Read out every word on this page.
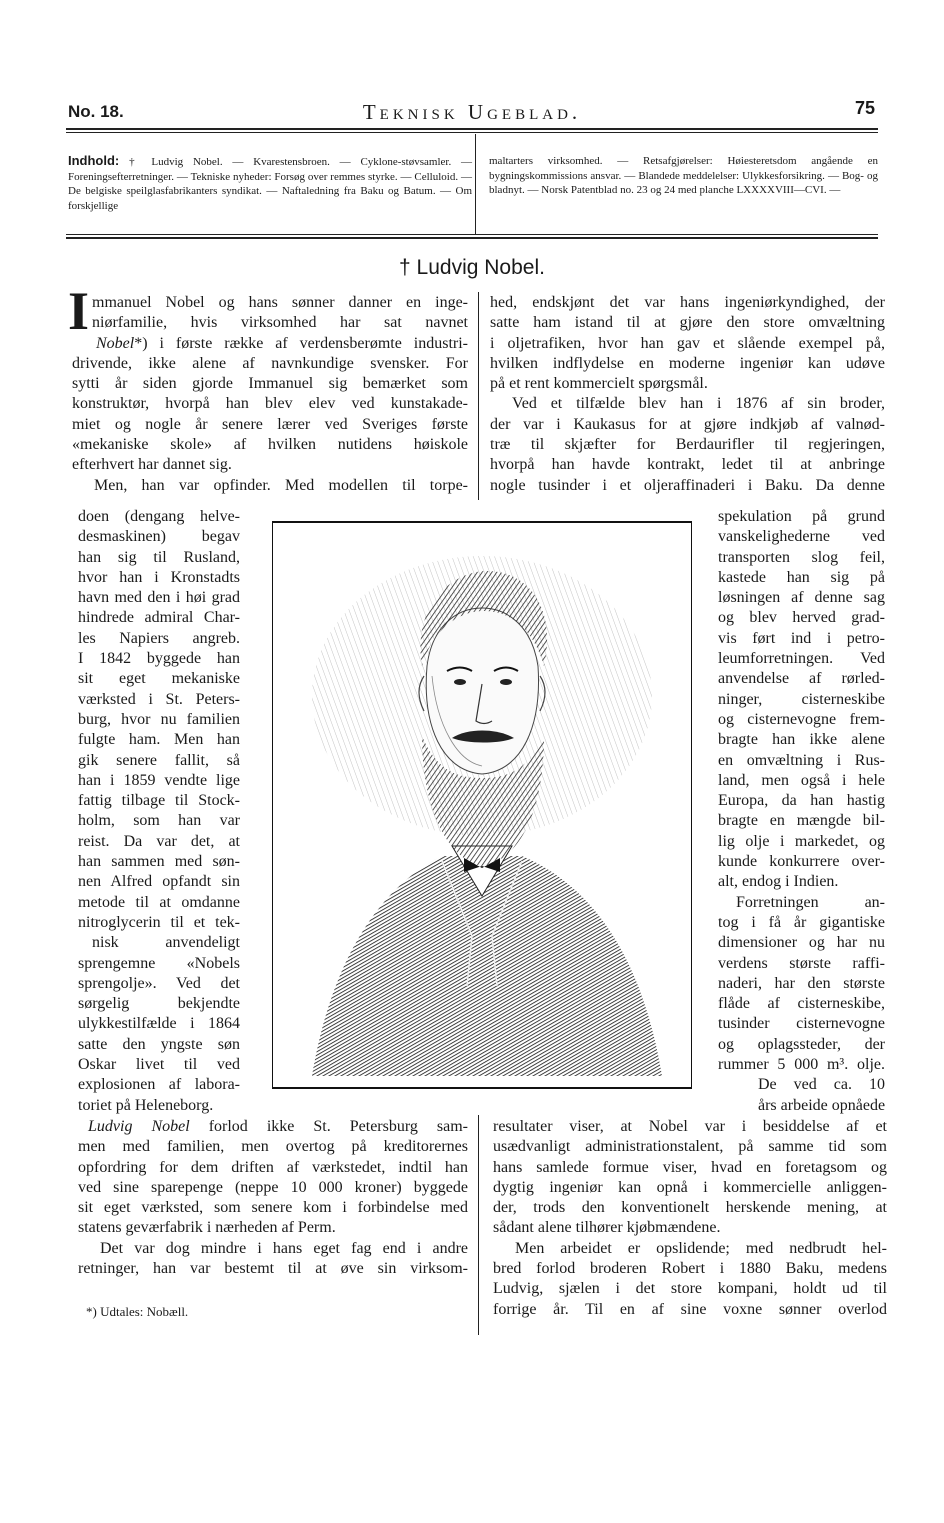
No. 18.	Teknisk Ugeblad.	75
Indhold: † Ludvig Nobel. — Kvarestensbroen. — Cyklone-støvsamler. — Foreningsefterretninger. — Tekniske nyheder: Forsøg over remmes styrke. — Celluloid. — De belgiske speilglasfabrikanters syndikat. — Naftaledning fra Baku og Batum. — Om forskjellige
maltarters virksomhed. — Retsafgjørelser: Høiesteretsdom angående en bygningskommissions ansvar. — Blandede meddelelser: Ulykkesforsikring. — Bog- og bladnyt. — Norsk Patentblad no. 23 og 24 med planche LXXXXVIII—CVI. —
† Ludvig Nobel.
I mmanuel Nobel og hans sønner danner en inge-
niørfamilie, hvis virksomhed har sat navnet
Nobel*) i første række af verdensberømte industri-
drivende, ikke alene af navnkundige svensker. For
sytti år siden gjorde Immanuel sig bemærket som
konstruktør, hvorpå han blev elev ved kunstakade-
miet og nogle år senere lærer ved Sveriges første
«mekaniske skole» af hvilken nutidens høiskole
efterhvert har dannet sig.
Men, han var opfinder. Med modellen til torpe-
doen (dengang helve-
desmaskinen) begav
han sig til Rusland,
hvor han i Kronstadts
havn med den i høi grad
hindrede admiral Char-
les Napiers angreb.
I 1842 byggede han
sit eget mekaniske
værksted i St. Peters-
burg, hvor nu familien
fulgte ham. Men han
gik senere fallit, så
han i 1859 vendte lige
fattig tilbage til Stock-
holm, som han var
reist. Da var det, at
han sammen med søn-
nen Alfred opfandt sin
metode til at omdanne
nitroglycerin til et tek-
nisk anvendeligt
sprengemne «Nobels
sprengolje». Ved det
sørgelig bekjendte
ulykkestilfælde i 1864
satte den yngste søn
Oskar livet til ved
explosionen af labora-
toriet på Heleneborg.
hed, endskjønt det var hans ingeniørkyndighed, der
satte ham istand til at gjøre den store omvæltning
i oljetrafiken, hvor han gav et slående exempel på,
hvilken indflydelse en moderne ingeniør kan udøve
på et rent kommercielt spørgsmål.
Ved et tilfælde blev han i 1876 af sin broder,
der var i Kaukasus for at gjøre indkjøb af valnød-
træ til skjæfter for Berdaurifler til regjeringen,
hvorpå han havde kontrakt, ledet til at anbringe
nogle tusinder i et oljeraffinaderi i Baku. Da denne
spekulation på grund
vanskelighederne ved
transporten slog feil,
kastede han sig på
løsningen af denne sag
og blev herved grad-
vis ført ind i petro-
leumforretningen. Ved
anvendelse af rørled-
ninger, cisterneskibe
og cisternevogne frem-
bragte han ikke alene
en omvæltning i Rus-
land, men også i hele
Europa, da han hastig
bragte en mængde bil-
lig olje i markedet, og
kunde konkurrere over-
alt, endog i Indien.
Forretningen an-
tog i få år gigantiske
dimensioner og har nu
verdens største raffi-
naderi, har den største
flåde af cisterneskibe,
tusinder cisternevogne
og oplagssteder, der
rummer 5 000 m³. olje.
De ved ca. 10
års arbeide opnåede
Ludvig Nobel forlod ikke St. Petersburg sam-
men med familien, men overtog på kreditorernes
opfordring for dem driften af værkstedet, indtil han
ved sine sparepenge (neppe 10 000 kroner) byggede
sit eget værksted, som senere kom i forbindelse med
statens geværfabrik i nærheden af Perm.
Det var dog mindre i hans eget fag end i andre
retninger, han var bestemt til at øve sin virksom-
resultater viser, at Nobel var i besiddelse af et
usædvanligt administrationstalent, på samme tid som
hans samlede formue viser, hvad en foretagsom og
dygtig ingeniør kan opnå i kommercielle anliggen-
der, trods den konventionelt herskende mening, at
sådant alene tilhører kjøbmændene.
Men arbeidet er opslidende; med nedbrudt hel-
bred forlod broderen Robert i 1880 Baku, medens
Ludvig, sjælen i det store kompani, holdt ud til
forrige år. Til en af sine voxne sønner overlod
*) Udtales: Nobæll.
